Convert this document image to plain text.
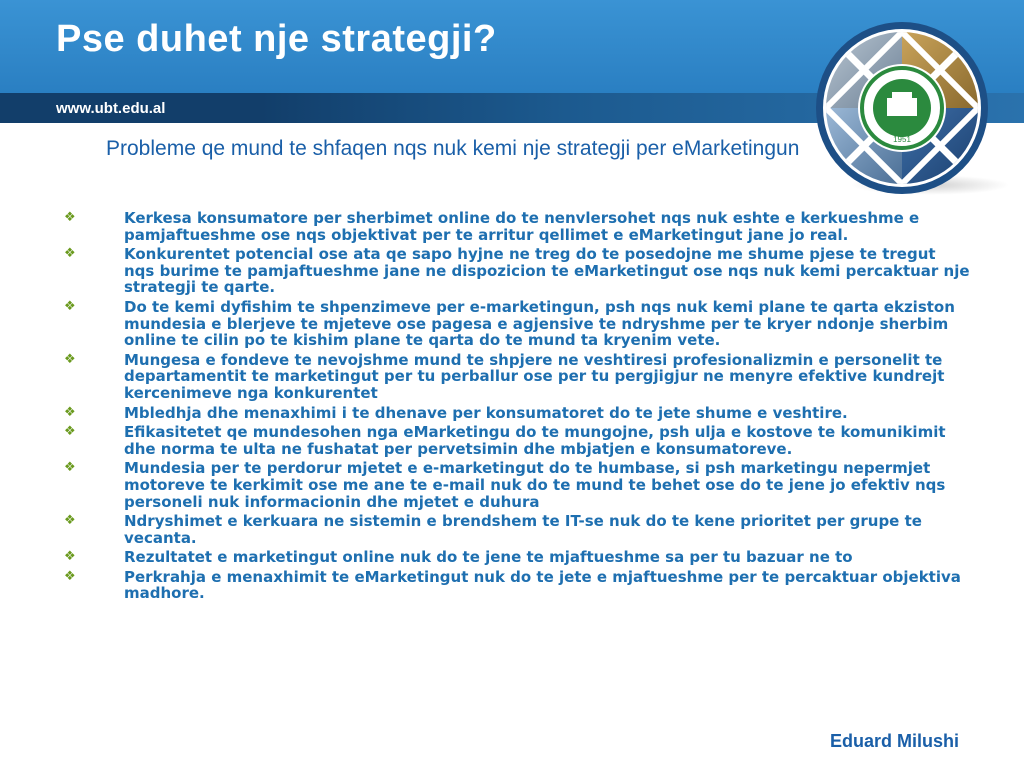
Pse duhet nje strategji?
www.ubt.edu.al
1951
Probleme qe mund te shfaqen nqs nuk kemi nje strategji per eMarketingun
❖	Kerkesa konsumatore per sherbimet online do te nenvlersohet nqs nuk eshte e kerkueshme e pamjaftueshme ose nqs objektivat per te arritur qellimet e eMarketingut jane jo real.
❖	Konkurentet potencial ose ata qe sapo hyjne ne treg do te posedojne me shume pjese te tregut nqs burime te pamjaftueshme jane ne dispozicion te eMarketingut ose nqs nuk kemi percaktuar nje strategji te qarte.
❖	Do te kemi dyfishim te shpenzimeve per e-marketingun, psh nqs nuk kemi plane te qarta ekziston mundesia e blerjeve te mjeteve ose pagesa e agjensive te ndryshme per te kryer ndonje sherbim online te cilin po te kishim plane te qarta do te mund ta kryenim vete.
❖	Mungesa e fondeve te nevojshme mund te shpjere ne veshtiresi profesionalizmin e personelit te departamentit te marketingut per tu perballur ose per tu pergjigjur ne menyre efektive kundrejt kercenimeve nga konkurentet
❖	Mbledhja dhe menaxhimi i te dhenave per konsumatoret do te jete shume e veshtire.
❖	Efikasitetet qe mundesohen nga eMarketingu do te mungojne, psh ulja e kostove te komunikimit dhe norma te ulta ne fushatat per pervetsimin dhe mbjatjen e konsumatoreve.
❖	Mundesia per te perdorur mjetet e e-marketingut do te humbase, si psh marketingu nepermjet motoreve te kerkimit ose me ane te e-mail nuk do te mund te behet ose do te jene jo efektiv nqs personeli nuk informacionin dhe mjetet e duhura
❖	Ndryshimet e kerkuara ne sistemin e brendshem te IT-se nuk do te kene prioritet per grupe te vecanta.
❖	Rezultatet e marketingut online nuk do te jene te mjaftueshme sa per tu bazuar ne to
❖	Perkrahja e menaxhimit te eMarketingut nuk do te jete e mjaftueshme per te percaktuar objektiva madhore.
Eduard Milushi
